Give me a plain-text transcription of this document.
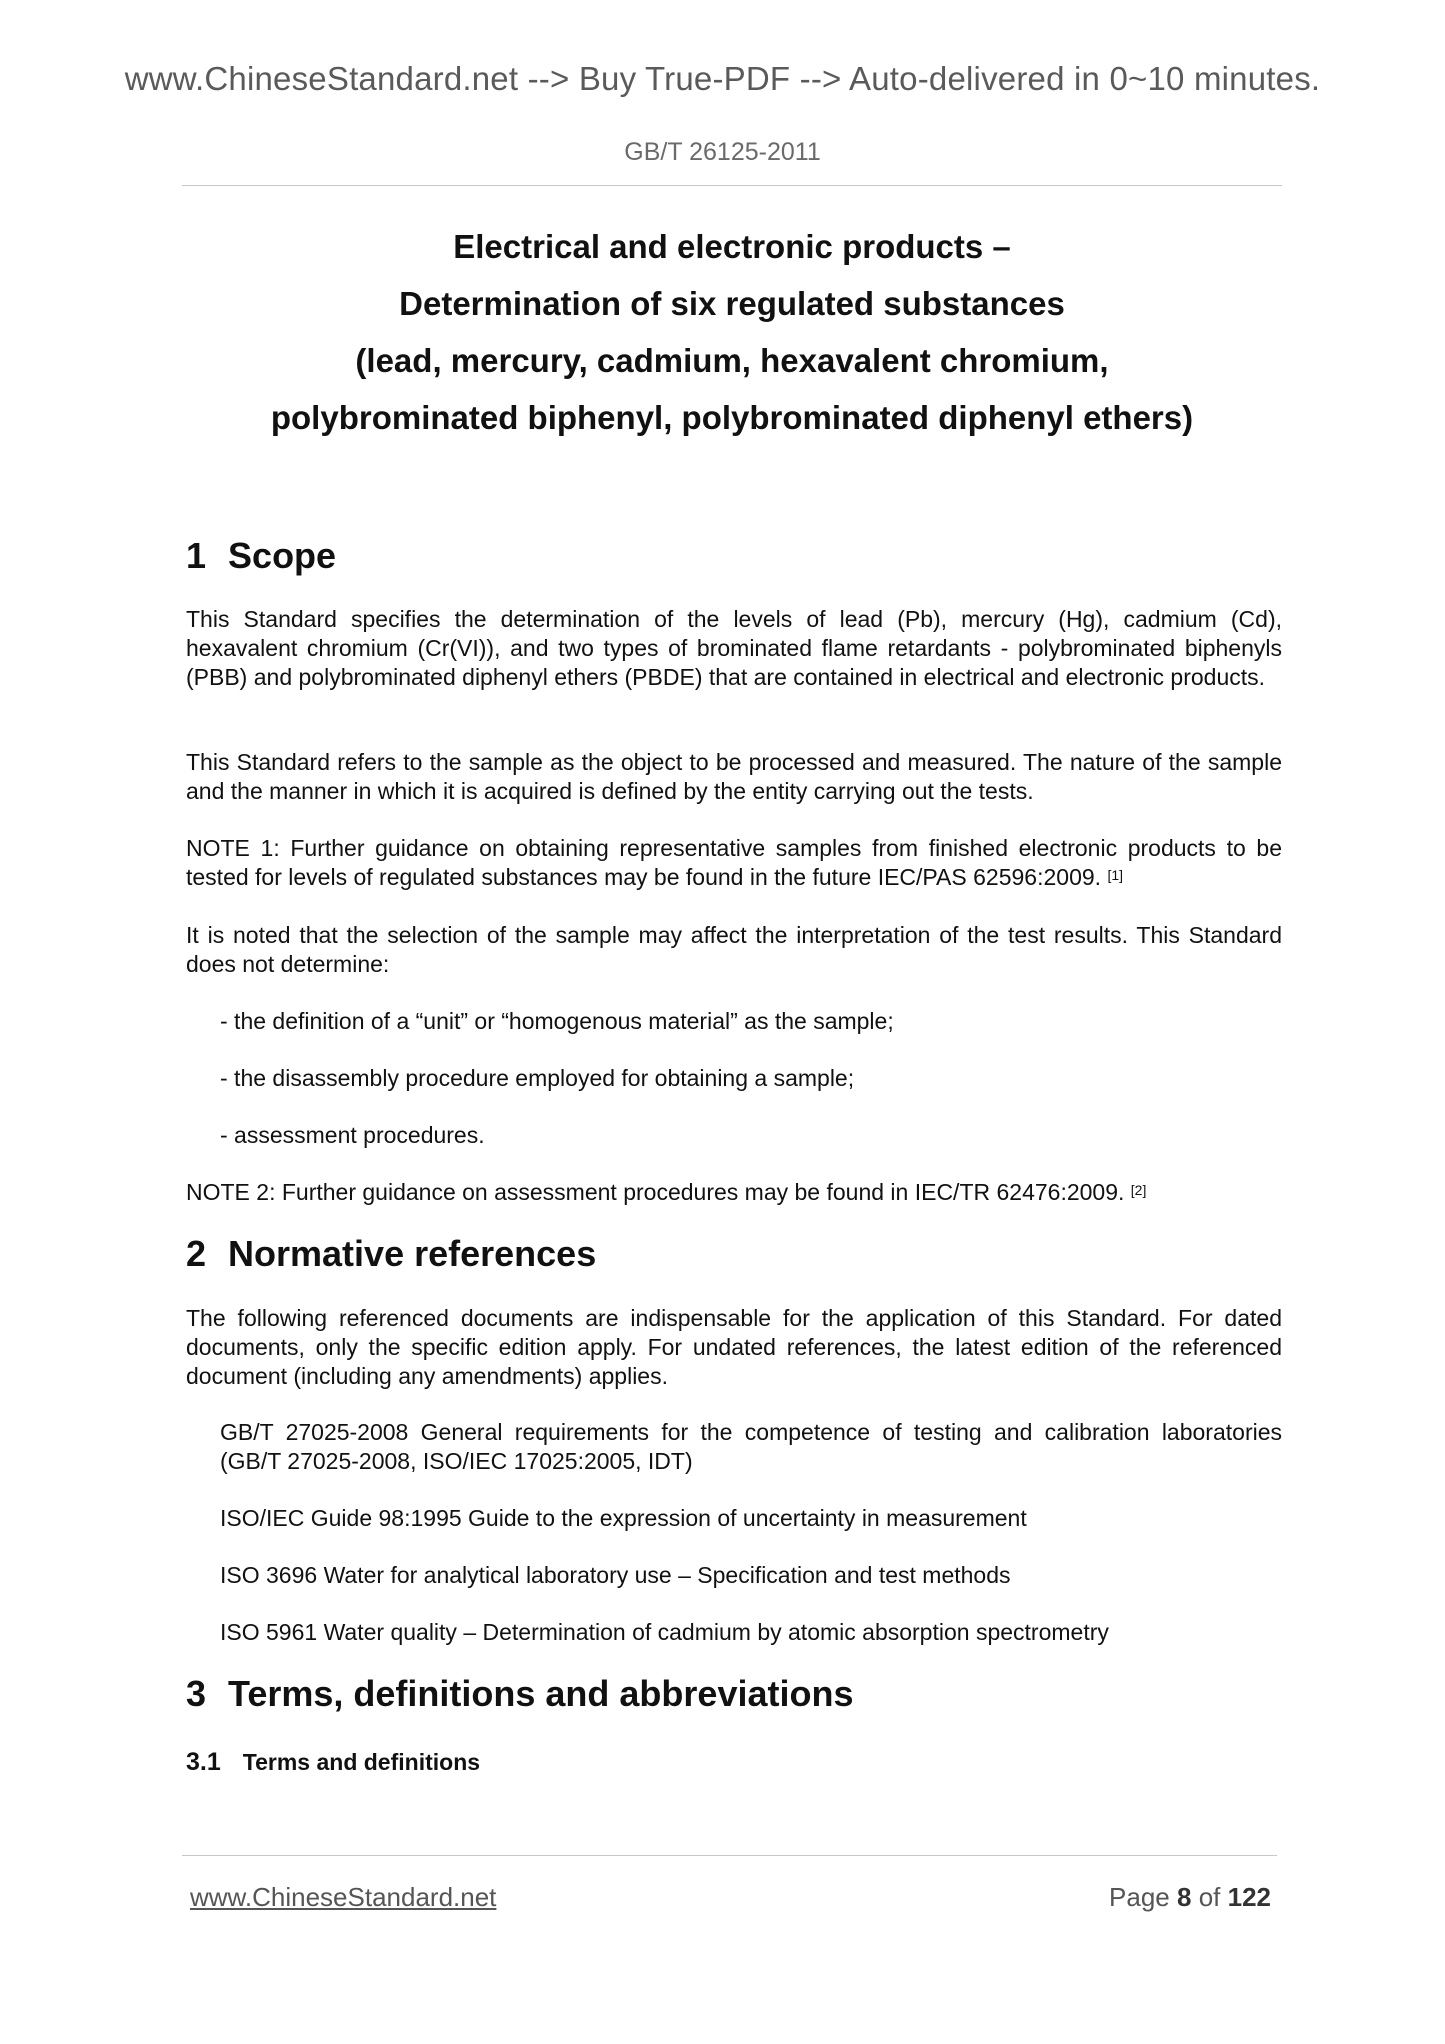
www.ChineseStandard.net --> Buy True-PDF --> Auto-delivered in 0~10 minutes.
GB/T 26125-2011
Electrical and electronic products –
Determination of six regulated substances
(lead, mercury, cadmium, hexavalent chromium,
polybrominated biphenyl, polybrominated diphenyl ethers)
1 Scope
This Standard specifies the determination of the levels of lead (Pb), mercury (Hg), cadmium (Cd), hexavalent chromium (Cr(VI)), and two types of brominated flame retardants - polybrominated biphenyls (PBB) and polybrominated diphenyl ethers (PBDE) that are contained in electrical and electronic products.
This Standard refers to the sample as the object to be processed and measured. The nature of the sample and the manner in which it is acquired is defined by the entity carrying out the tests.
NOTE 1: Further guidance on obtaining representative samples from finished electronic products to be tested for levels of regulated substances may be found in the future IEC/PAS 62596:2009. [1]
It is noted that the selection of the sample may affect the interpretation of the test results. This Standard does not determine:
- the definition of a “unit” or “homogenous material” as the sample;
- the disassembly procedure employed for obtaining a sample;
- assessment procedures.
NOTE 2: Further guidance on assessment procedures may be found in IEC/TR 62476:2009. [2]
2 Normative references
The following referenced documents are indispensable for the application of this Standard. For dated documents, only the specific edition apply. For undated references, the latest edition of the referenced document (including any amendments) applies.
GB/T 27025-2008 General requirements for the competence of testing and calibration laboratories (GB/T 27025-2008, ISO/IEC 17025:2005, IDT)
ISO/IEC Guide 98:1995 Guide to the expression of uncertainty in measurement
ISO 3696 Water for analytical laboratory use – Specification and test methods
ISO 5961 Water quality – Determination of cadmium by atomic absorption spectrometry
3 Terms, definitions and abbreviations
3.1 Terms and definitions
www.ChineseStandard.net	Page 8 of 122
